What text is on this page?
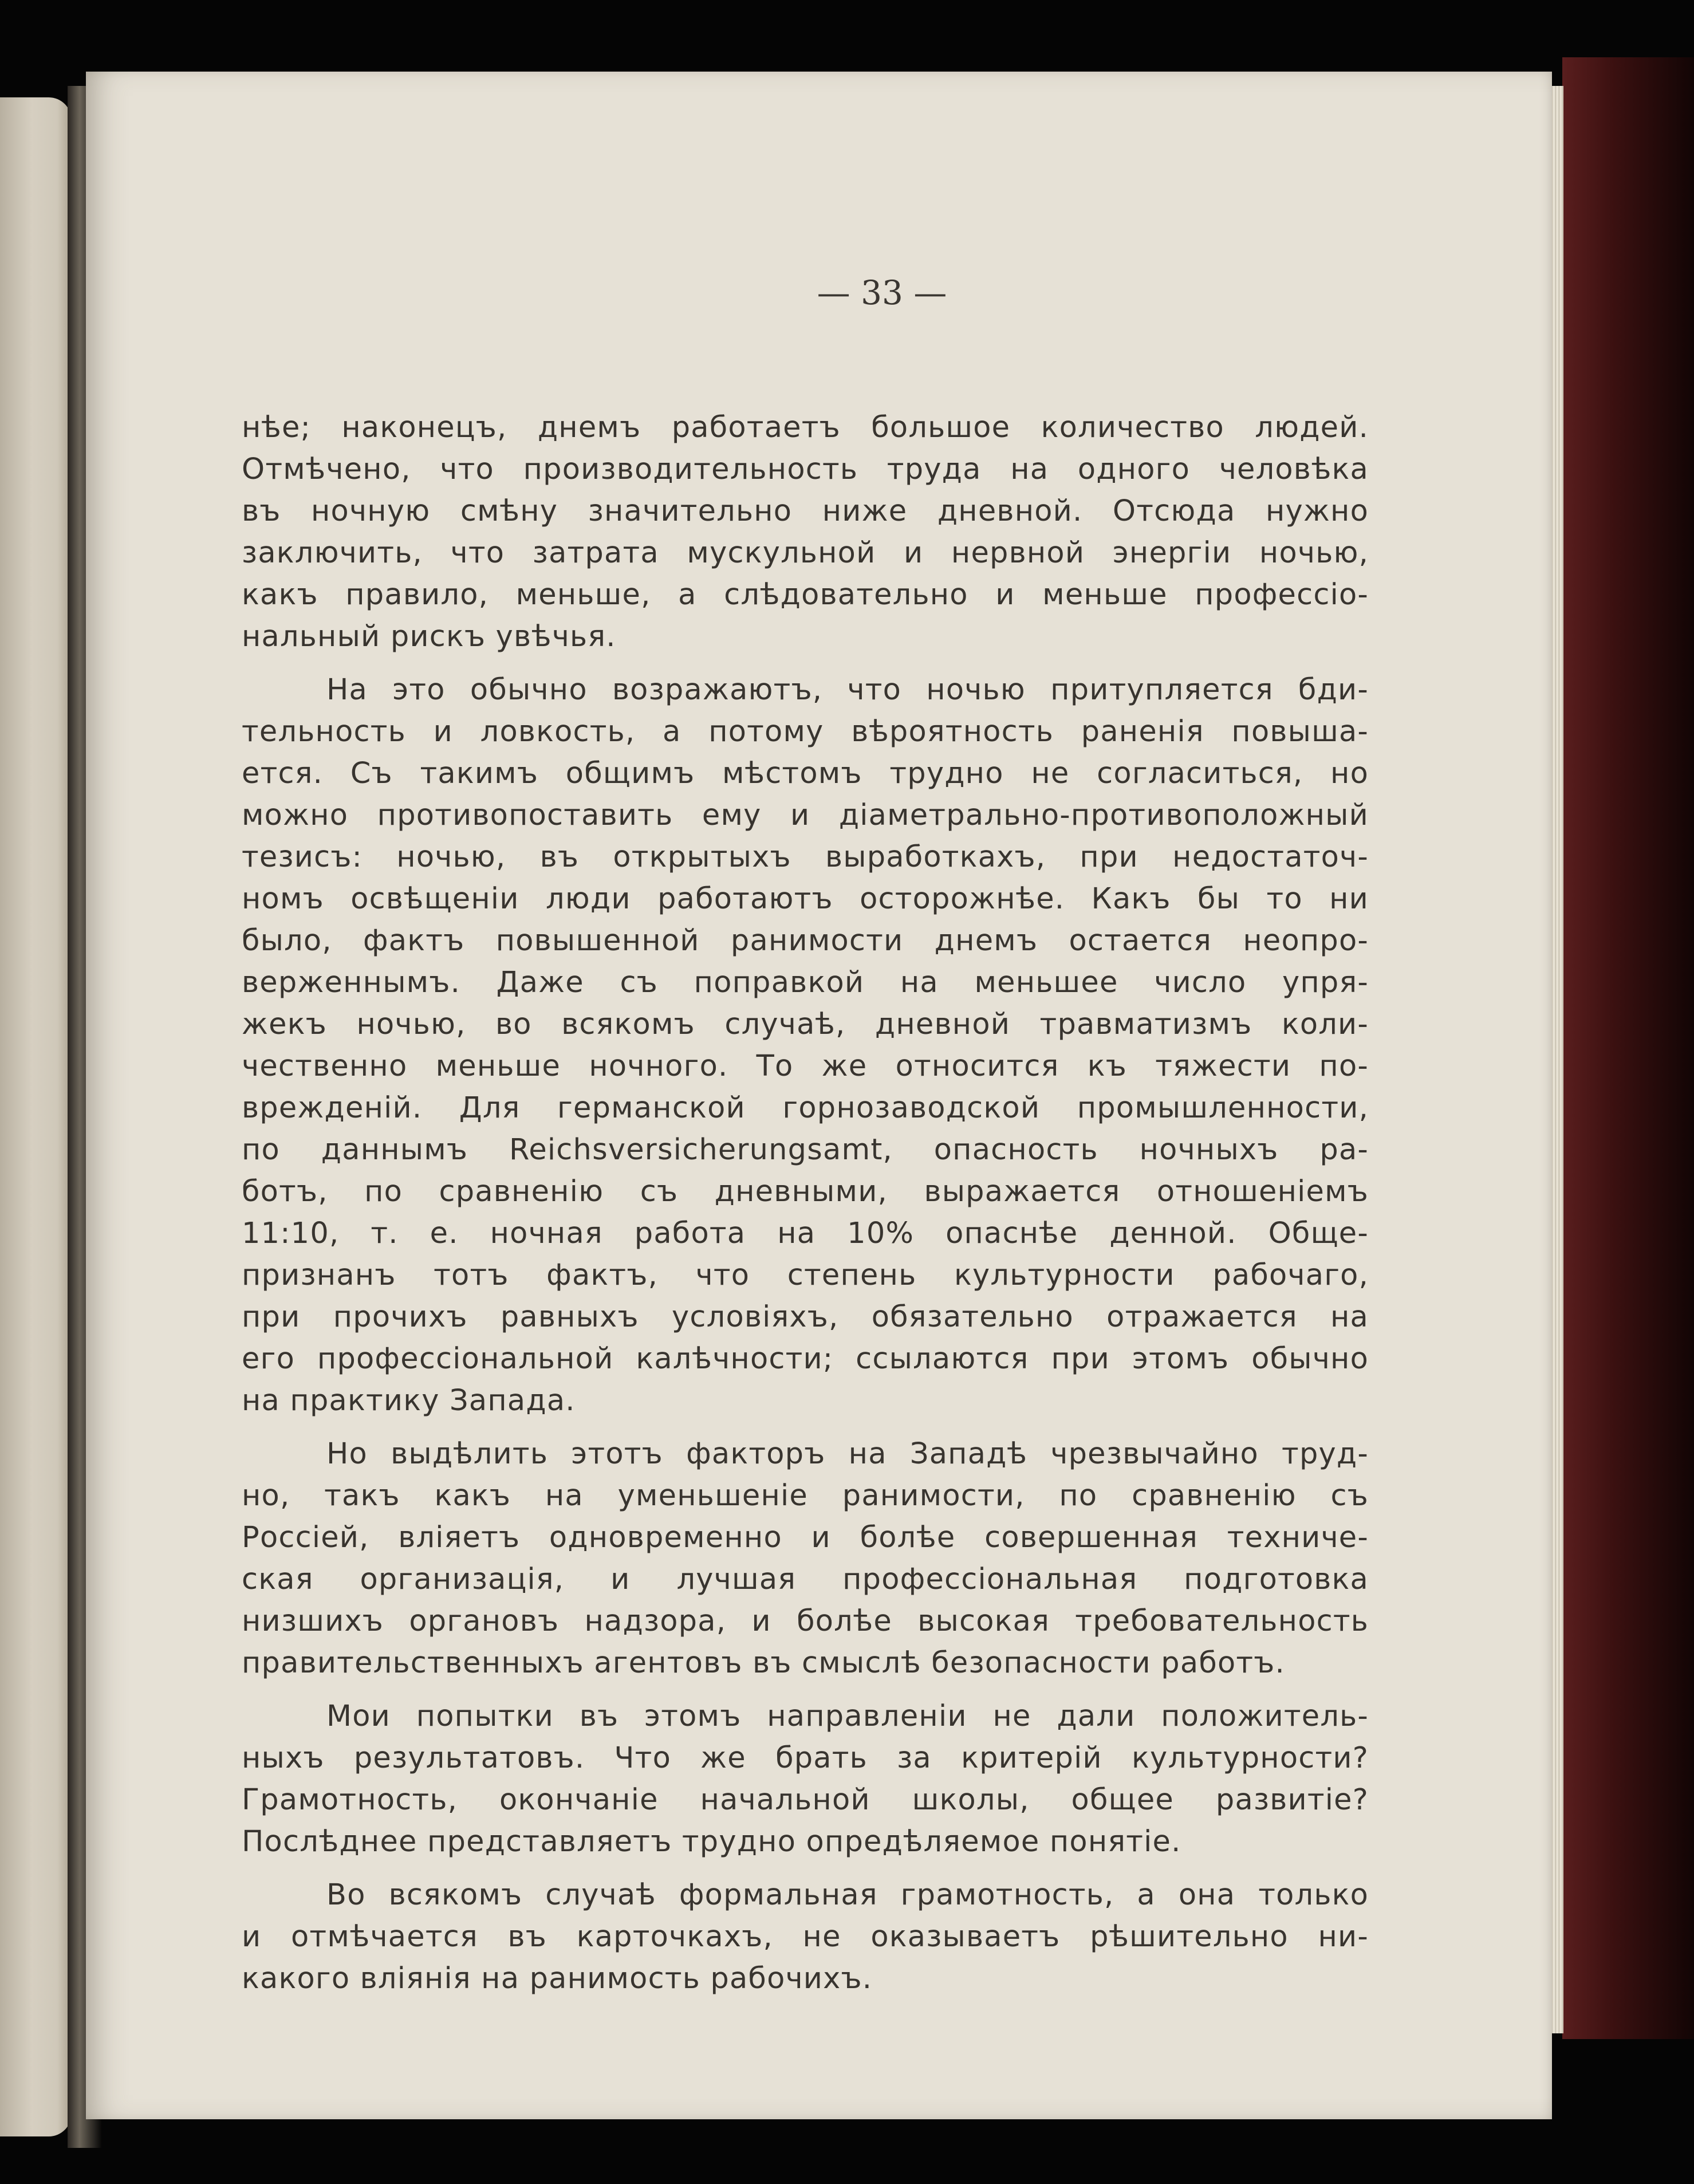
— 33 —
нѣе; наконецъ, днемъ работаетъ большое количество людей.
Отмѣчено, что производительность труда на одного человѣка
въ ночную смѣну значительно ниже дневной. Отсюда нужно
заключить, что затрата мускульной и нервной энергіи ночью,
какъ правило, меньше, а слѣдовательно и меньше профессіо-
нальный рискъ увѣчья.
На это обычно возражаютъ, что ночью притупляется бди-
тельность и ловкость, а потому вѣроятность раненія повыша-
ется. Съ такимъ общимъ мѣстомъ трудно не согласиться, но
можно противопоставить ему и діаметрально-противоположный
тезисъ: ночью, въ открытыхъ выработкахъ, при недостаточ-
номъ освѣщеніи люди работаютъ осторожнѣе. Какъ бы то ни
было, фактъ повышенной ранимости днемъ остается неопро-
верженнымъ. Даже съ поправкой на меньшее число упря-
жекъ ночью, во всякомъ случаѣ, дневной травматизмъ коли-
чественно меньше ночного. То же относится къ тяжести по-
врежденій. Для германской горнозаводской промышленности,
по даннымъ Reichsversicherungsamt, опасность ночныхъ ра-
ботъ, по сравненію съ дневными, выражается отношеніемъ
11:10, т. е. ночная работа на 10% опаснѣе денной. Обще-
признанъ тотъ фактъ, что степень культурности рабочаго,
при прочихъ равныхъ условіяхъ, обязательно отражается на
его профессіональной калѣчности; ссылаются при этомъ обычно
на практику Запада.
Но выдѣлить этотъ факторъ на Западѣ чрезвычайно труд-
но, такъ какъ на уменьшеніе ранимости, по сравненію съ
Россіей, вліяетъ одновременно и болѣе совершенная техниче-
ская организація, и лучшая профессіональная подготовка
низшихъ органовъ надзора, и болѣе высокая требовательность
правительственныхъ агентовъ въ смыслѣ безопасности работъ.
Мои попытки въ этомъ направленіи не дали положитель-
ныхъ результатовъ. Что же брать за критерій культурности?
Грамотность, окончаніе начальной школы, общее развитіе?
Послѣднее представляетъ трудно опредѣляемое понятіе.
Во всякомъ случаѣ формальная грамотность, а она только
и отмѣчается въ карточкахъ, не оказываетъ рѣшительно ни-
какого вліянія на ранимость рабочихъ.
